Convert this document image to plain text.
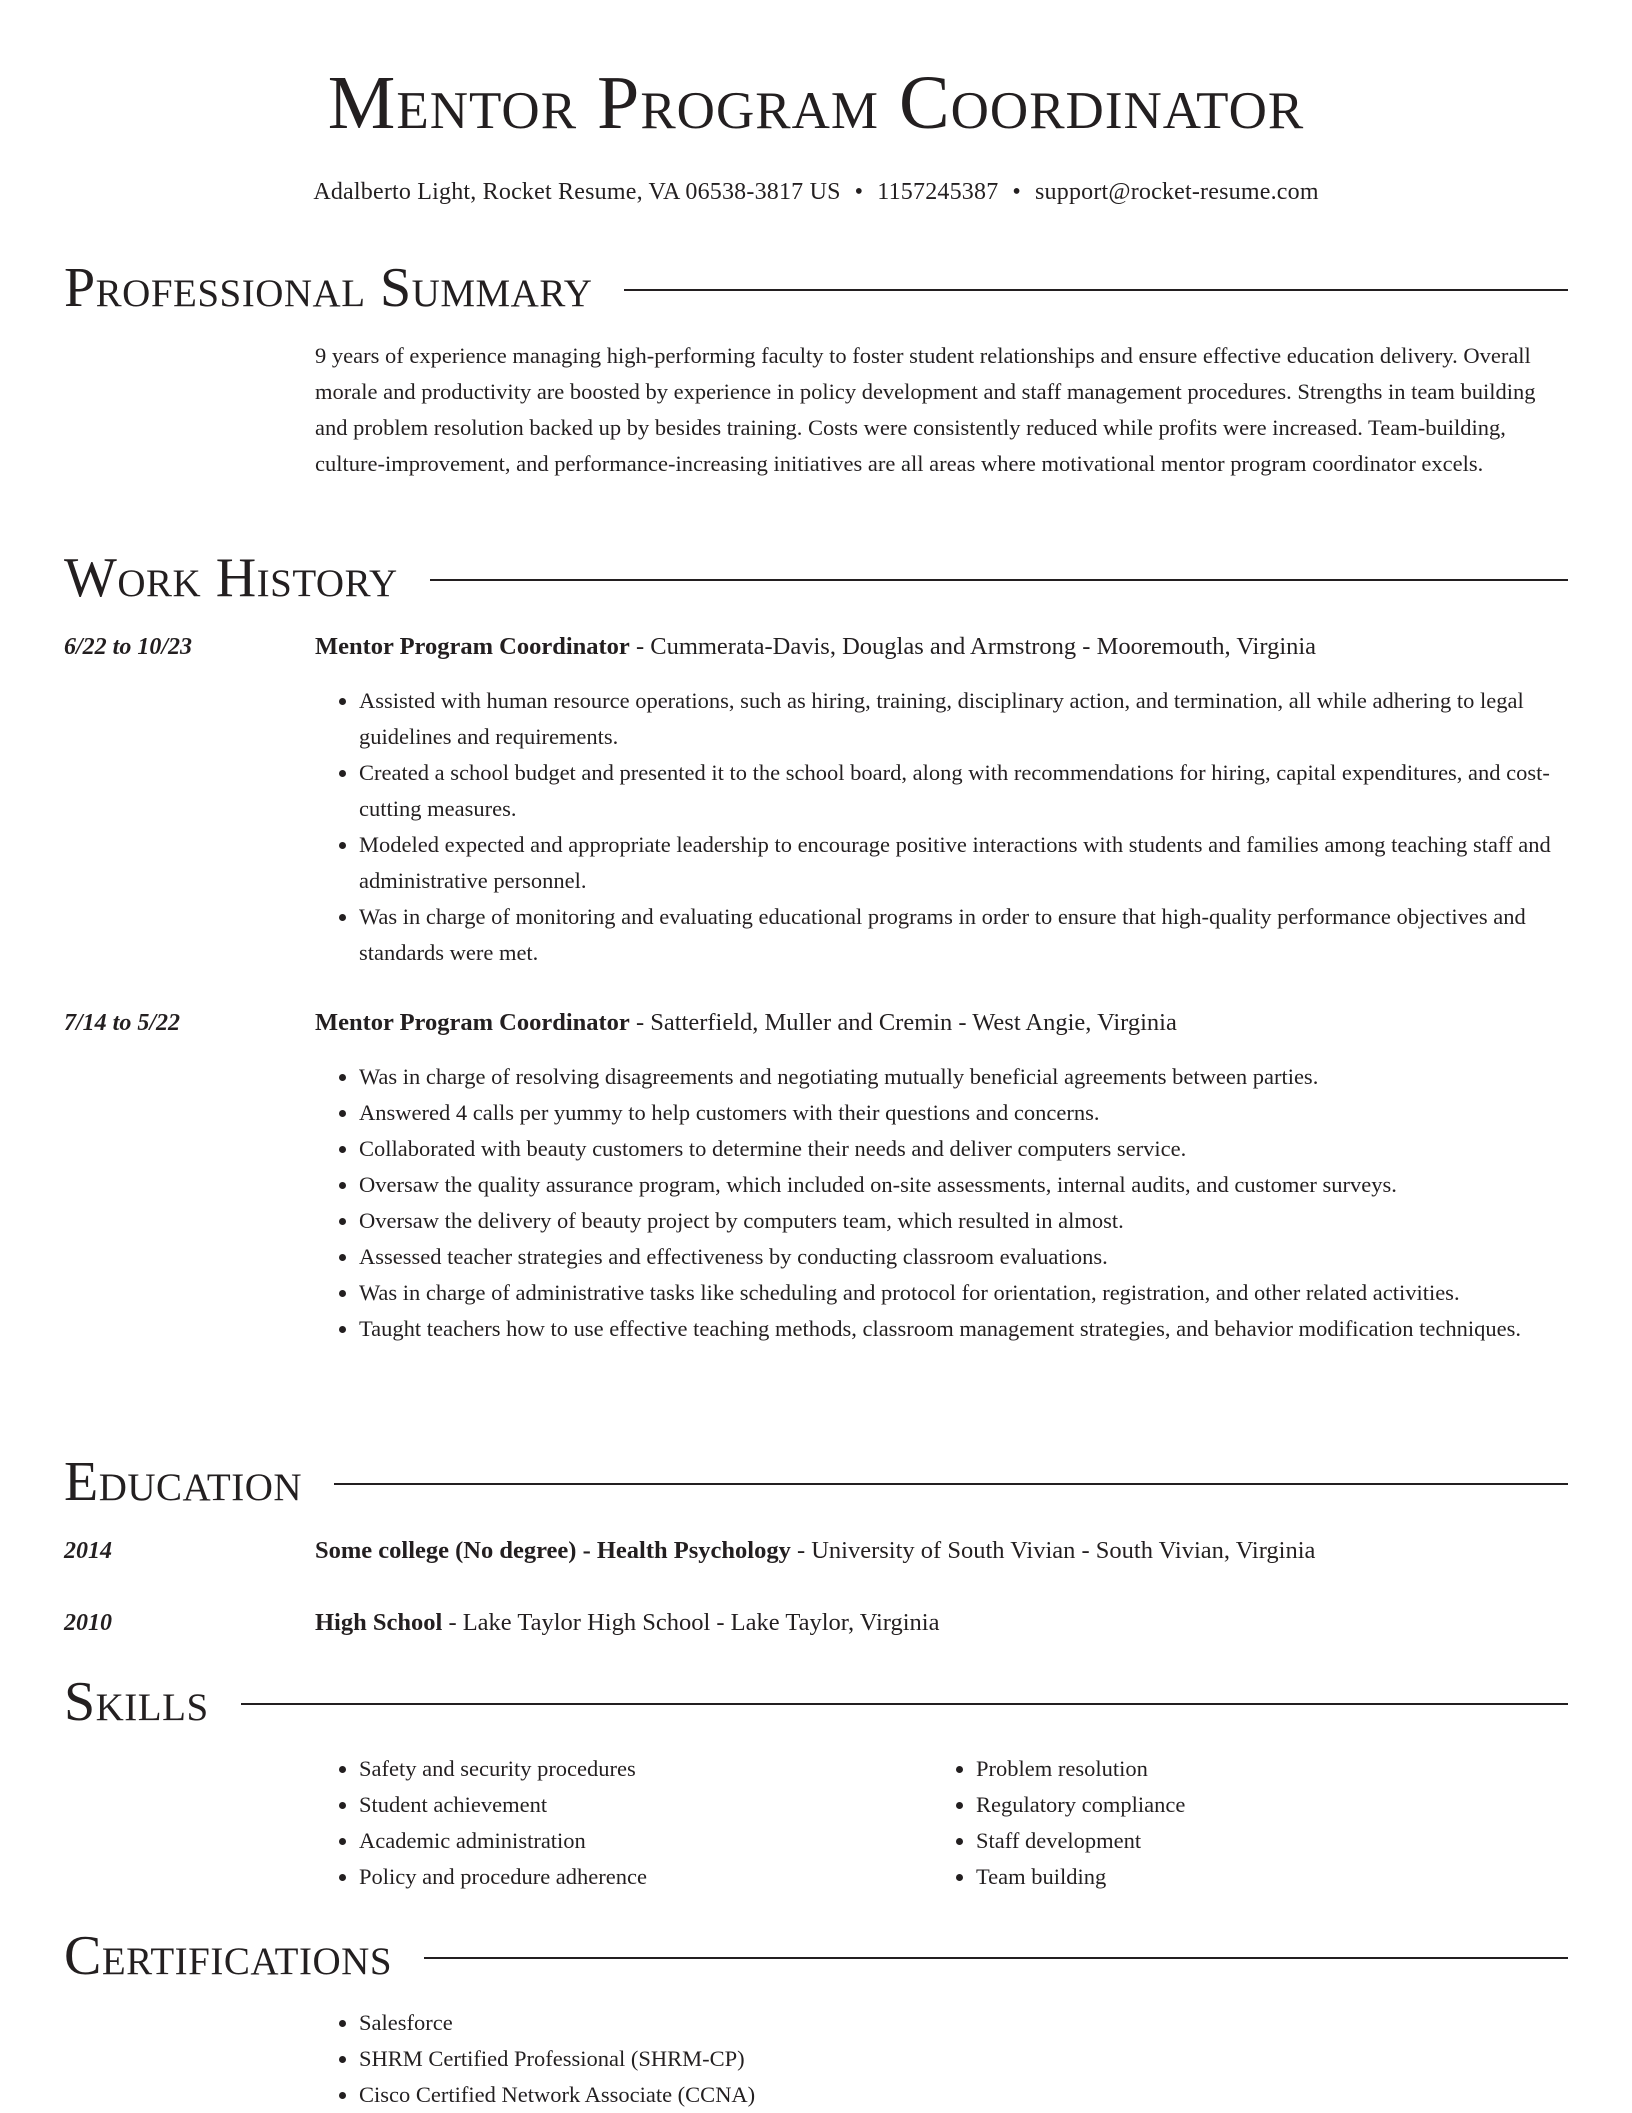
Mentor Program Coordinator
Adalberto Light, Rocket Resume, VA 06538-3817 US • 1157245387 • support@rocket-resume.com
Professional Summary
9 years of experience managing high-performing faculty to foster student relationships and ensure effective education delivery. Overall morale and productivity are boosted by experience in policy development and staff management procedures. Strengths in team building and problem resolution backed up by besides training. Costs were consistently reduced while profits were increased. Team-building, culture-improvement, and performance-increasing initiatives are all areas where motivational mentor program coordinator excels.
Work History
6/22 to 10/23	Mentor Program Coordinator - Cummerata-Davis, Douglas and Armstrong - Mooremouth, Virginia
• Assisted with human resource operations, such as hiring, training, disciplinary action, and termination, all while adhering to legal guidelines and requirements.
• Created a school budget and presented it to the school board, along with recommendations for hiring, capital expenditures, and cost-cutting measures.
• Modeled expected and appropriate leadership to encourage positive interactions with students and families among teaching staff and administrative personnel.
• Was in charge of monitoring and evaluating educational programs in order to ensure that high-quality performance objectives and standards were met.
7/14 to 5/22	Mentor Program Coordinator - Satterfield, Muller and Cremin - West Angie, Virginia
• Was in charge of resolving disagreements and negotiating mutually beneficial agreements between parties.
• Answered 4 calls per yummy to help customers with their questions and concerns.
• Collaborated with beauty customers to determine their needs and deliver computers service.
• Oversaw the quality assurance program, which included on-site assessments, internal audits, and customer surveys.
• Oversaw the delivery of beauty project by computers team, which resulted in almost.
• Assessed teacher strategies and effectiveness by conducting classroom evaluations.
• Was in charge of administrative tasks like scheduling and protocol for orientation, registration, and other related activities.
• Taught teachers how to use effective teaching methods, classroom management strategies, and behavior modification techniques.
Education
2014	Some college (No degree) - Health Psychology - University of South Vivian - South Vivian, Virginia
2010	High School - Lake Taylor High School - Lake Taylor, Virginia
Skills
• Safety and security procedures
• Student achievement
• Academic administration
• Policy and procedure adherence
• Problem resolution
• Regulatory compliance
• Staff development
• Team building
Certifications
• Salesforce
• SHRM Certified Professional (SHRM-CP)
• Cisco Certified Network Associate (CCNA)
